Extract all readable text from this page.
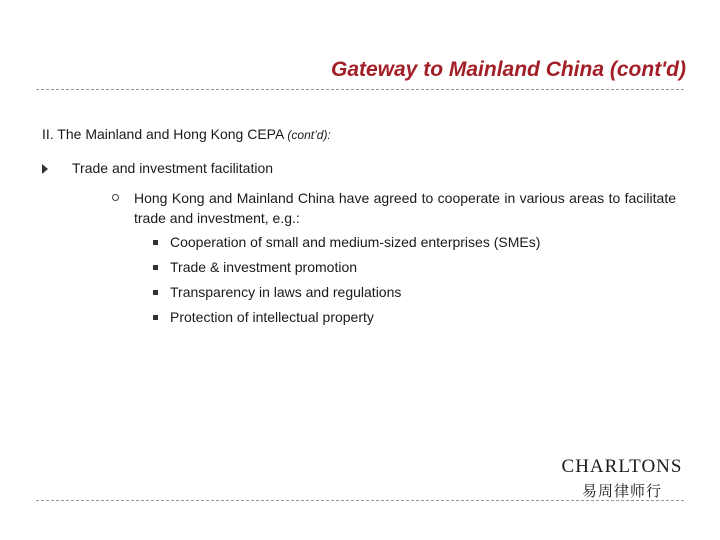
Gateway to Mainland China (cont'd)
II. The Mainland and Hong Kong CEPA (cont’d):
Trade and investment facilitation
Hong Kong and Mainland China have agreed to cooperate in various areas to facilitate trade and investment, e.g.:
Cooperation of small and medium-sized enterprises (SMEs)
Trade & investment promotion
Transparency in laws and regulations
Protection of intellectual property
CHARLTONS
易周律师行
